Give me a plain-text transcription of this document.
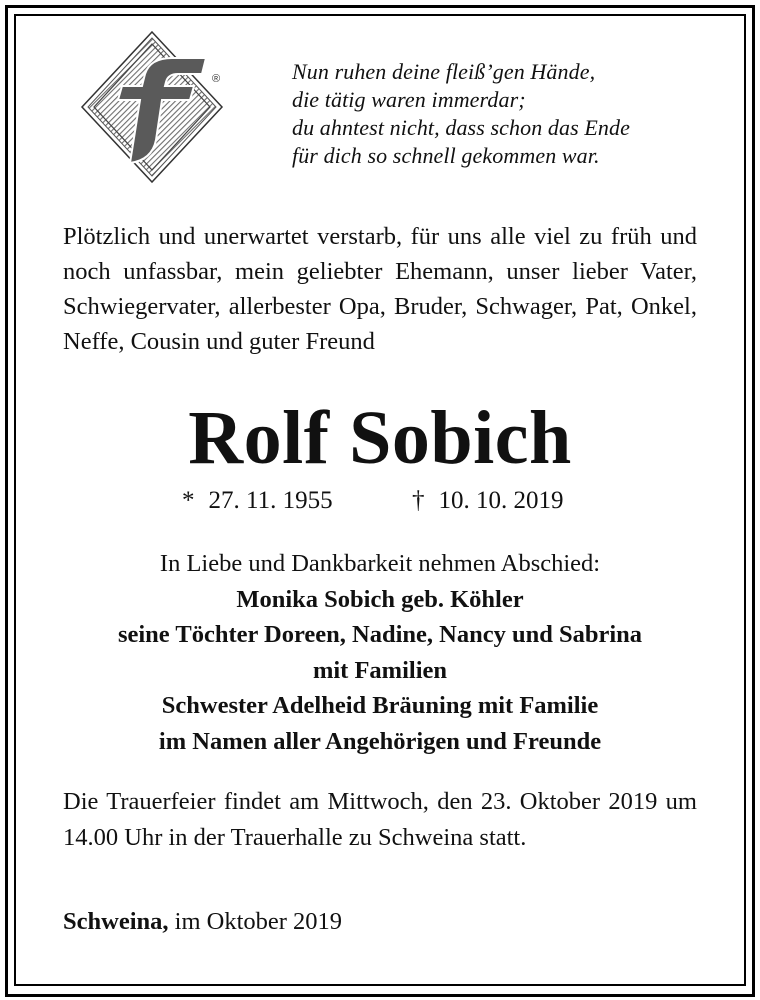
®	Nun ruhen deine fleiß’gen Hände,
die tätig waren immerdar;
du ahntest nicht, dass schon das Ende
für dich so schnell gekommen war.
Plötzlich und unerwartet verstarb, für uns alle viel zu früh und noch unfassbar, mein geliebter Ehemann, unser lieber Vater, Schwiegervater, allerbester Opa, Bruder, Schwager, Pat, Onkel, Neffe, Cousin und guter Freund
Rolf Sobich
* 27. 11. 1955	† 10. 10. 2019
In Liebe und Dankbarkeit nehmen Abschied:
Monika Sobich geb. Köhler
seine Töchter Doreen, Nadine, Nancy und Sabrina
mit Familien
Schwester Adelheid Bräuning mit Familie
im Namen aller Angehörigen und Freunde
Die Trauerfeier findet am Mittwoch, den 23. Oktober 2019 um 14.00 Uhr in der Trauerhalle zu Schweina statt.
Schweina, im Oktober 2019
